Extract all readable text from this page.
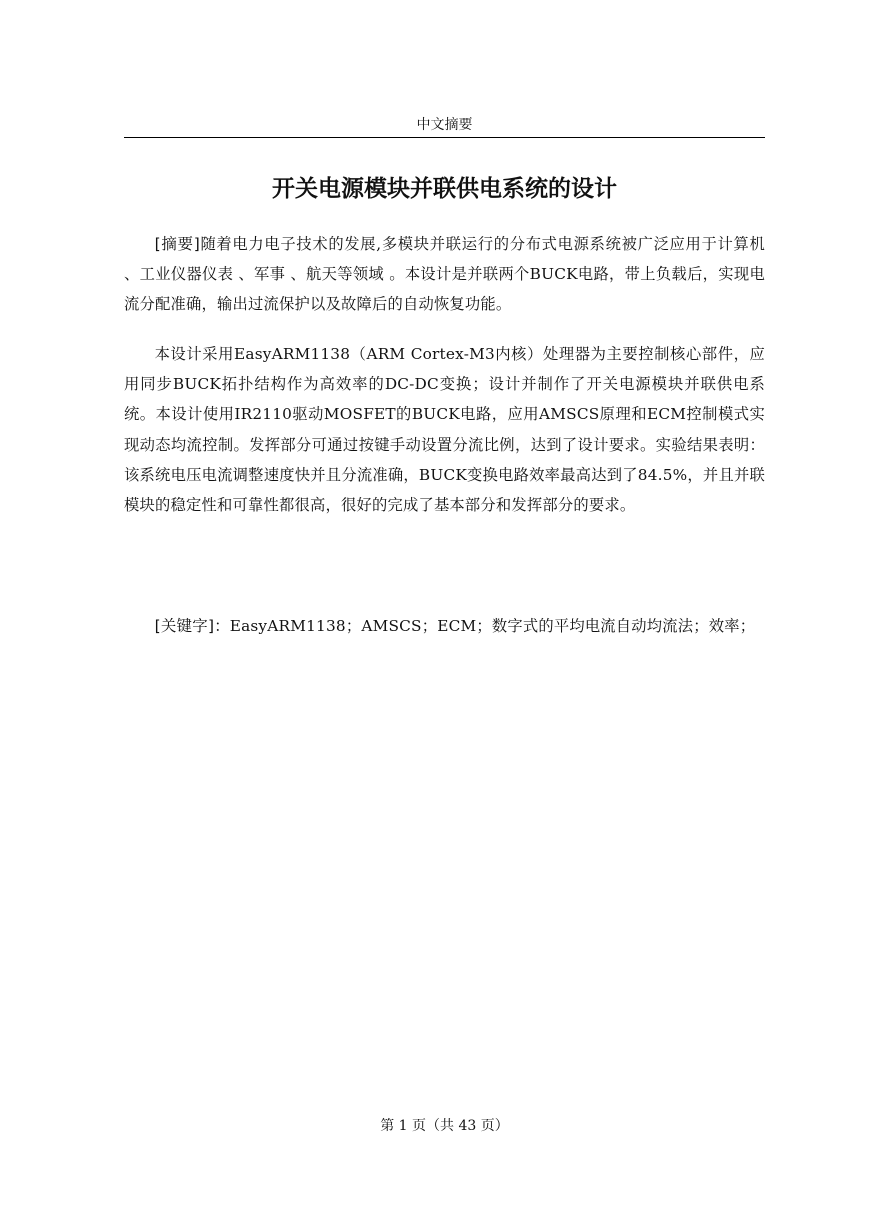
中文摘要
开关电源模块并联供电系统的设计

[摘要]随着电力电子技术的发展,多模块并联运行的分布式电源系统被广泛应用于计算机 、工业仪器仪表 、军事 、航天等领域 。本设计是并联两个BUCK电路，带上负载后，实现电流分配准确，输出过流保护以及故障后的自动恢复功能。

本设计采用EasyARM1138（ARM Cortex-M3内核）处理器为主要控制核心部件，应用同步BUCK拓扑结构作为高效率的DC-DC变换；设计并制作了开关电源模块并联供电系统。本设计使用IR2110驱动MOSFET的BUCK电路，应用AMSCS原理和ECM控制模式实现动态均流控制。发挥部分可通过按键手动设置分流比例，达到了设计要求。实验结果表明：该系统电压电流调整速度快并且分流准确，BUCK变换电路效率最高达到了84.5%，并且并联模块的稳定性和可靠性都很高，很好的完成了基本部分和发挥部分的要求。

[关键字]：EasyARM1138；AMSCS；ECM；数字式的平均电流自动均流法；效率；

第 1 页（共 43 页）
